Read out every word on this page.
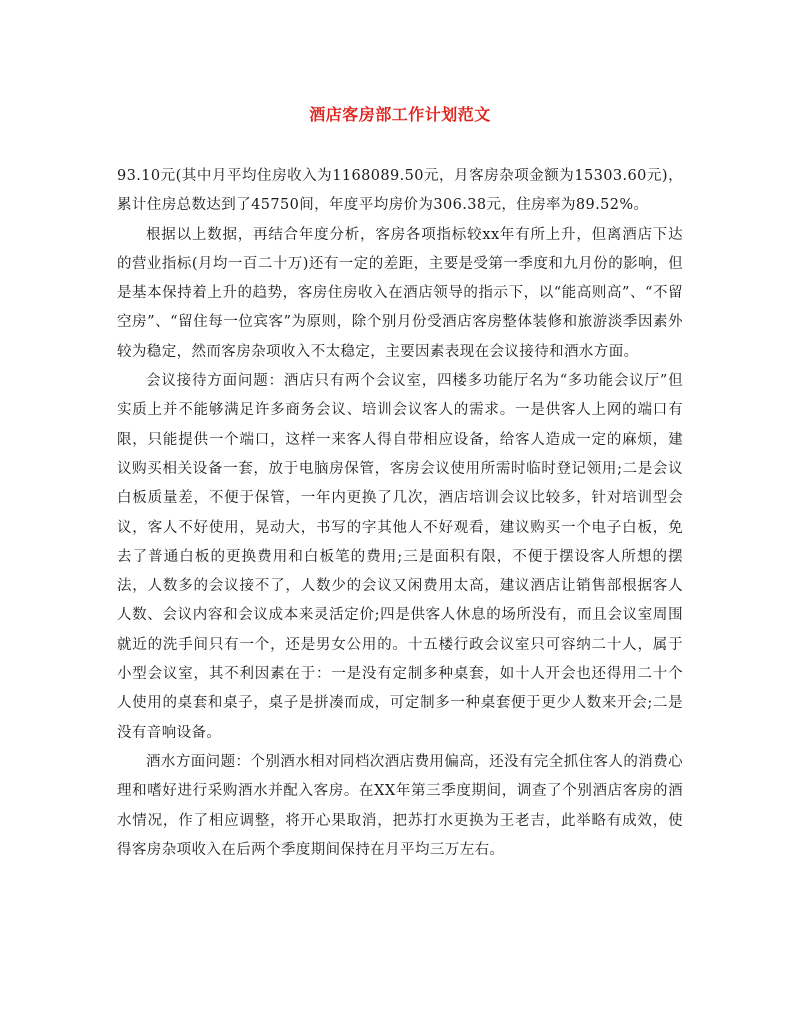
酒店客房部工作计划范文

93.10元(其中月平均住房收入为1168089.50元，月客房杂项金额为15303.60元)，累计住房总数达到了45750间，年度平均房价为306.38元，住房率为89.52%。

根据以上数据，再结合年度分析，客房各项指标较xx年有所上升，但离酒店下达的营业指标(月均一百二十万)还有一定的差距，主要是受第一季度和九月份的影响，但是基本保持着上升的趋势，客房住房收入在酒店领导的指示下，以“能高则高”、“不留空房”、“留住每一位宾客”为原则，除个别月份受酒店客房整体装修和旅游淡季因素外较为稳定，然而客房杂项收入不太稳定，主要因素表现在会议接待和酒水方面。

会议接待方面问题：酒店只有两个会议室，四楼多功能厅名为“多功能会议厅”但实质上并不能够满足许多商务会议、培训会议客人的需求。一是供客人上网的端口有限，只能提供一个端口，这样一来客人得自带相应设备，给客人造成一定的麻烦，建议购买相关设备一套，放于电脑房保管，客房会议使用所需时临时登记领用;二是会议白板质量差，不便于保管，一年内更换了几次，酒店培训会议比较多，针对培训型会议，客人不好使用，晃动大，书写的字其他人不好观看，建议购买一个电子白板，免去了普通白板的更换费用和白板笔的费用;三是面积有限，不便于摆设客人所想的摆法，人数多的会议接不了，人数少的会议又闲费用太高，建议酒店让销售部根据客人人数、会议内容和会议成本来灵活定价;四是供客人休息的场所没有，而且会议室周围就近的洗手间只有一个，还是男女公用的。十五楼行政会议室只可容纳二十人，属于小型会议室，其不利因素在于：一是没有定制多种桌套，如十人开会也还得用二十个人使用的桌套和桌子，桌子是拼凑而成，可定制多一种桌套便于更少人数来开会;二是没有音响设备。

酒水方面问题：个别酒水相对同档次酒店费用偏高，还没有完全抓住客人的消费心理和嗜好进行采购酒水并配入客房。在XX年第三季度期间，调查了个别酒店客房的酒水情况，作了相应调整，将开心果取消，把苏打水更换为王老吉，此举略有成效，使得客房杂项收入在后两个季度期间保持在月平均三万左右。
